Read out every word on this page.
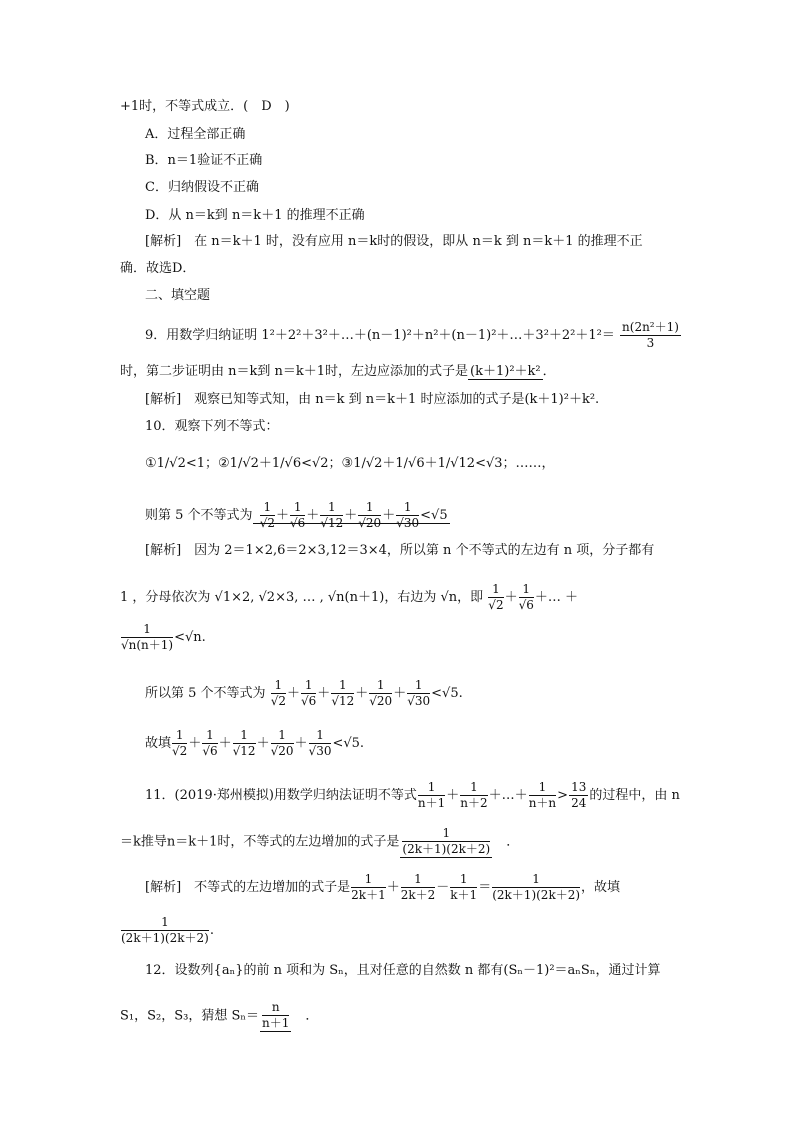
+1时，不等式成立．(　D　)
A．过程全部正确
B．n＝1验证不正确
C．归纳假设不正确
D．从 n＝k到 n＝k＋1 的推理不正确
[解析]　在 n＝k＋1 时，没有应用 n＝k时的假设，即从 n＝k 到 n＝k＋1 的推理不正
确．故选D．
二、填空题
9．用数学归纳证明 1²＋2²＋3²＋…＋(n－1)²＋n²＋(n－1)²＋…＋3²＋2²＋1²＝ $\frac{\text{n(2n²＋1)}}{3}$
时，第二步证明由 n＝k到 n＝k＋1时，左边应添加的式子是 (k＋1)²＋k² ．
[解析]　观察已知等式知，由 n＝k 到 n＝k＋1 时应添加的式子是(k＋1)²＋k².
10．观察下列不等式：
①1/√2<1；②1/√2＋1/√6<√2；③1/√2＋1/√6＋1/√12<√3；……，
则第 5 个不等式为 $\frac{1}{√2} + \frac{1}{√6} + \frac{1}{√12} + \frac{1}{√20} + \frac{1}{√30} <√5$
[解析]　因为 2＝1×2,6＝2×3,12＝3×4，所以第 n 个不等式的左边有 n 项，分子都有
1 ，分母依次为 √1×2, √2×3, … , √n(n＋1)，右边为 √n，即 $\frac{1}{√2} + \frac{1}{√6}$ ＋… ＋
$\frac{1}{√n(n+1)} <√n$.
所以第 5 个不等式为 $\frac{1}{√2} + \frac{1}{√6} + \frac{1}{√12} + \frac{1}{√20} + \frac{1}{√30} <√5$.
故填 $\frac{1}{√2} + \frac{1}{√6} + \frac{1}{√12} + \frac{1}{√20} + \frac{1}{√30} <√5$.
11．(2019·郑州模拟)用数学归纳法证明不等式 $\frac{1}{n+1} + \frac{1}{n+2}$ ＋…＋ $\frac{1}{n+n} > \frac{13}{24}$ 的过程中，由 n
＝k推导n＝k＋1时，不等式的左边增加的式子是 $\frac{1}{(2k+1)(2k+2)}$ 　．
[解析]　不等式的左边增加的式子是 $\frac{1}{2k+1} + \frac{1}{2k+2} - \frac{1}{k+1} = \frac{1}{(2k+1)(2k+2)}$ ，故填
$\frac{1}{(2k+1)(2k+2)}$ .
12．设数列{aₙ}的前 n 项和为 Sₙ，且对任意的自然数 n 都有(Sₙ－1)²＝aₙSₙ，通过计算
S₁，S₂，S₃，猜想 $S_n= \frac{n}{n+1}$ 　．
